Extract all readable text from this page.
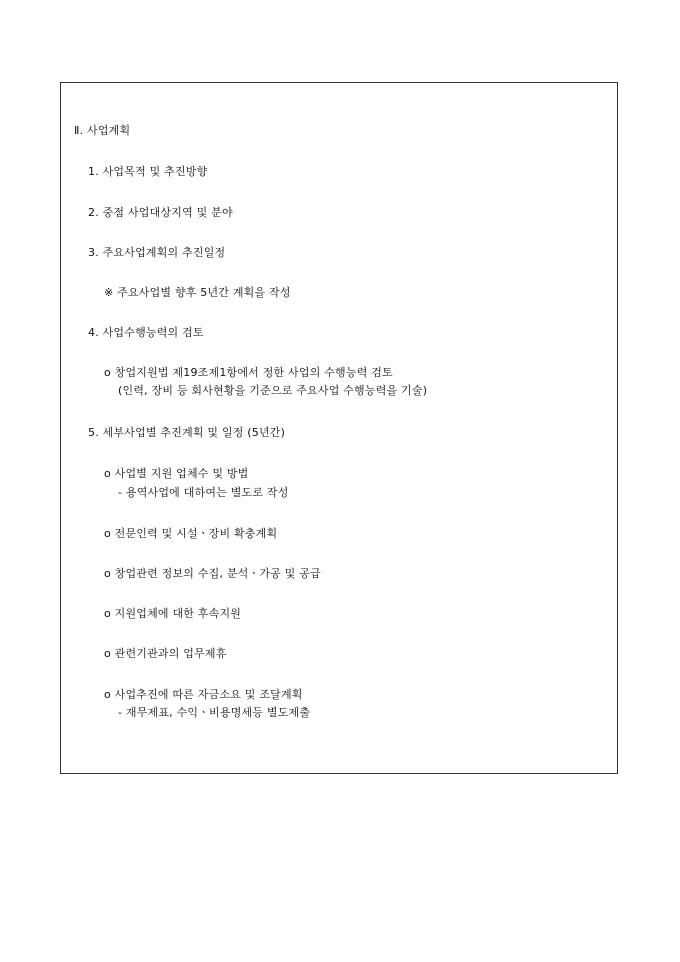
Ⅱ. 사업계획
1. 사업목적 및 추진방향
2. 중점 사업대상지역 및 분야
3. 주요사업계획의 추진일정
※ 주요사업별 향후 5년간 계획을 작성
4. 사업수행능력의 검토
o 창업지원법 제19조제1항에서 정한 사업의 수행능력 검토
(인력, 장비 등 회사현황을 기준으로 주요사업 수행능력을 기술)
5. 세부사업별 추진계획 및 일정 (5년간)
o 사업별 지원 업체수 및 방법
- 용역사업에 대하여는 별도로 작성
o 전문인력 및 시설ㆍ장비 확충계획
o 창업관련 정보의 수집, 분석ㆍ가공 및 공급
o 지원업체에 대한 후속지원
o 관련기관과의 업무제휴
o 사업추진에 따른 자금소요 및 조달계획
- 재무제표, 수익ㆍ비용명세등 별도제출
